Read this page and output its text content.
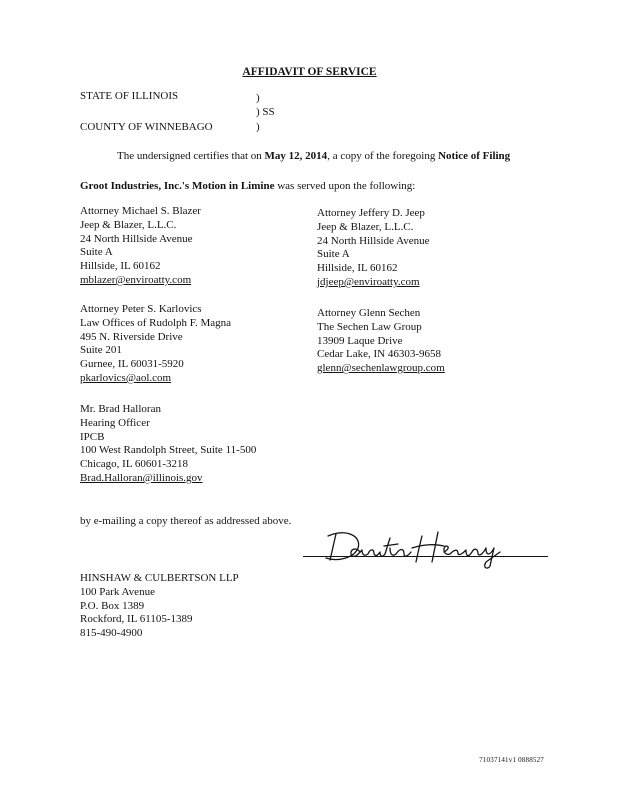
AFFIDAVIT OF SERVICE
STATE OF ILLINOIS
COUNTY OF WINNEBAGO
)
) SS
)
The undersigned certifies that on May 12, 2014, a copy of the foregoing Notice of Filing
Groot Industries, Inc.'s Motion in Limine was served upon the following:
Attorney Michael S. Blazer
Jeep & Blazer, L.L.C.
24 North Hillside Avenue
Suite A
Hillside, IL 60162
mblazer@enviroatty.com
Attorney Jeffery D. Jeep
Jeep & Blazer, L.L.C.
24 North Hillside Avenue
Suite A
Hillside, IL 60162
jdjeep@enviroatty.com
Attorney Peter S. Karlovics
Law Offices of Rudolph F. Magna
495 N. Riverside Drive
Suite 201
Gurnee, IL 60031-5920
pkarlovics@aol.com
Attorney Glenn Sechen
The Sechen Law Group
13909 Laque Drive
Cedar Lake, IN 46303-9658
glenn@sechenlawgroup.com
Mr. Brad Halloran
Hearing Officer
IPCB
100 West Randolph Street, Suite 11-500
Chicago, IL 60601-3218
Brad.Halloran@illinois.gov
by e-mailing a copy thereof as addressed above.
HINSHAW & CULBERTSON LLP
100 Park Avenue
P.O. Box 1389
Rockford, IL 61105-1389
815-490-4900
71037141v1 0888527
